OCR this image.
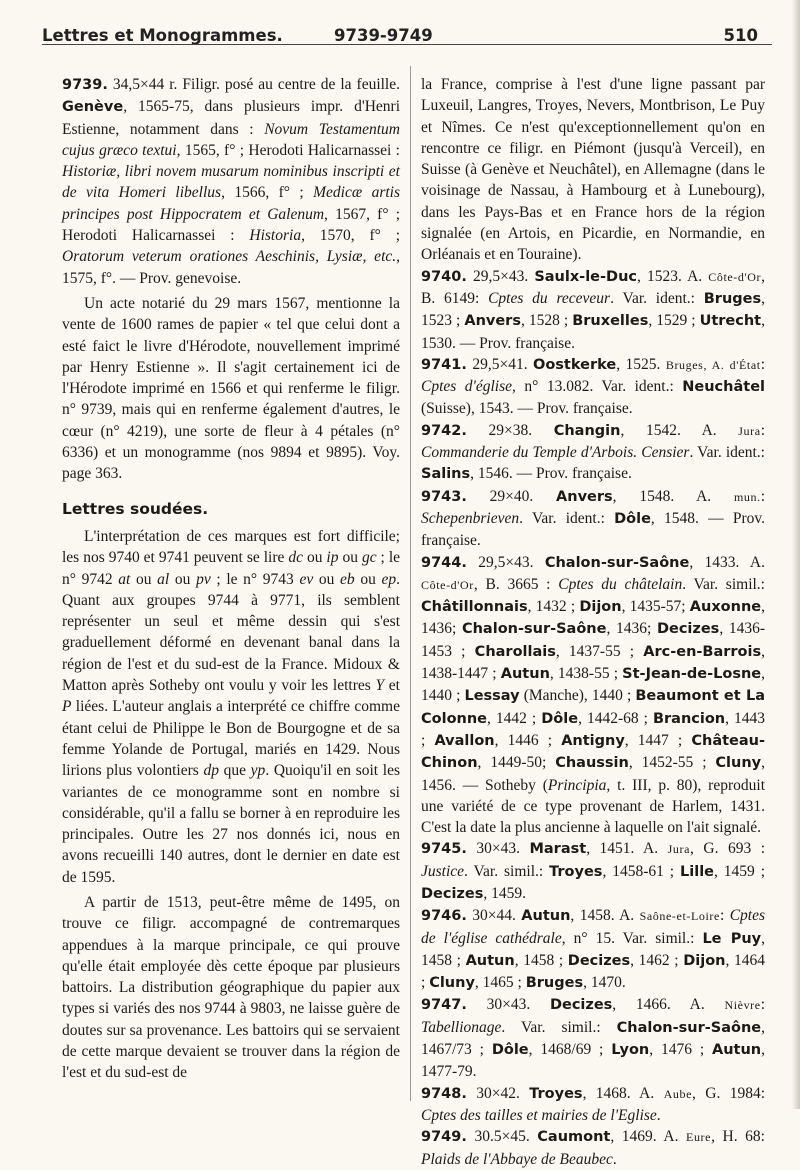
Lettres et Monogrammes.	9739-9749	510

9739. 34,5×44 r. Filigr. posé au centre de la feuille. Genève, 1565-75, dans plusieurs impr. d'Henri Estienne, notamment dans : Novum Testamentum cujus græco textui, 1565, f° ; Herodoti Halicarnassei : Historiæ, libri novem musarum nominibus inscripti et de vita Homeri libellus, 1566, f° ; Medicæ artis principes post Hippocratem et Galenum, 1567, f° ; Herodoti Halicarnassei : Historia, 1570, f° ; Oratorum veterum orationes Aeschinis, Lysiæ, etc., 1575, f°. — Prov. genevoise.

Un acte notarié du 29 mars 1567, mentionne la vente de 1600 rames de papier « tel que celui dont a esté faict le livre d'Hérodote, nouvellement imprimé par Henry Estienne ». Il s'agit certainement ici de l'Hérodote imprimé en 1566 et qui renferme le filigr. n° 9739, mais qui en renferme également d'autres, le cœur (n° 4219), une sorte de fleur à 4 pétales (n° 6336) et un monogramme (nos 9894 et 9895). Voy. page 363.

Lettres soudées.

L'interprétation de ces marques est fort difficile; les nos 9740 et 9741 peuvent se lire dc ou ip ou gc ; le n° 9742 at ou al ou pv ; le n° 9743 ev ou eb ou ep. Quant aux groupes 9744 à 9771, ils semblent représenter un seul et même dessin qui s'est graduellement déformé en devenant banal dans la région de l'est et du sud-est de la France. Midoux & Matton après Sotheby ont voulu y voir les lettres Y et P liées. L'auteur anglais a interprété ce chiffre comme étant celui de Philippe le Bon de Bourgogne et de sa femme Yolande de Portugal, mariés en 1429. Nous lirions plus volontiers dp que yp. Quoiqu'il en soit les variantes de ce monogramme sont en nombre si considérable, qu'il a fallu se borner à en reproduire les principales. Outre les 27 nos donnés ici, nous en avons recueilli 140 autres, dont le dernier en date est de 1595.

A partir de 1513, peut-être même de 1495, on trouve ce filigr. accompagné de contremarques appendues à la marque principale, ce qui prouve qu'elle était employée dès cette époque par plusieurs battoirs. La distribution géographique du papier aux types si variés des nos 9744 à 9803, ne laisse guère de doutes sur sa provenance. Les battoirs qui se servaient de cette marque devaient se trouver dans la région de l'est et du sud-est de

la France, comprise à l'est d'une ligne passant par Luxeuil, Langres, Troyes, Nevers, Montbrison, Le Puy et Nîmes. Ce n'est qu'exceptionnellement qu'on en rencontre ce filigr. en Piémont (jusqu'à Verceil), en Suisse (à Genève et Neuchâtel), en Allemagne (dans le voisinage de Nassau, à Hambourg et à Lunebourg), dans les Pays-Bas et en France hors de la région signalée (en Artois, en Picardie, en Normandie, en Orléanais et en Touraine).

9740. 29,5×43. Saulx-le-Duc, 1523. A. Côte-d'Or, B. 6149: Cptes du receveur. Var. ident.: Bruges, 1523 ; Anvers, 1528 ; Bruxelles, 1529 ; Utrecht, 1530. — Prov. française.

9741. 29,5×41. Oostkerke, 1525. Bruges, A. d'État: Cptes d'église, n° 13.082. Var. ident.: Neuchâtel (Suisse), 1543. — Prov. française.

9742. 29×38. Changin, 1542. A. Jura: Commanderie du Temple d'Arbois. Censier. Var. ident.: Salins, 1546. — Prov. française.

9743. 29×40. Anvers, 1548. A. mun.: Schepenbrieven. Var. ident.: Dôle, 1548. — Prov. française.

9744. 29,5×43. Chalon-sur-Saône, 1433. A. Côte-d'Or, B. 3665 : Cptes du châtelain. Var. simil.: Châtillonnais, 1432 ; Dijon, 1435-57; Auxonne, 1436; Chalon-sur-Saône, 1436; Decizes, 1436-1453 ; Charollais, 1437-55 ; Arc-en-Barrois, 1438-1447 ; Autun, 1438-55 ; St-Jean-de-Losne, 1440 ; Lessay (Manche), 1440 ; Beaumont et La Colonne, 1442 ; Dôle, 1442-68 ; Brancion, 1443 ; Avallon, 1446 ; Antigny, 1447 ; Château-Chinon, 1449-50; Chaussin, 1452-55 ; Cluny, 1456. — Sotheby (Principia, t. III, p. 80), reproduit une variété de ce type provenant de Harlem, 1431. C'est la date la plus ancienne à laquelle on l'ait signalé.

9745. 30×43. Marast, 1451. A. Jura, G. 693 : Justice. Var. simil.: Troyes, 1458-61 ; Lille, 1459 ; Decizes, 1459.

9746. 30×44. Autun, 1458. A. Saône-et-Loire: Cptes de l'église cathédrale, n° 15. Var. simil.: Le Puy, 1458 ; Autun, 1458 ; Decizes, 1462 ; Dijon, 1464 ; Cluny, 1465 ; Bruges, 1470.

9747. 30×43. Decizes, 1466. A. Nièvre: Tabellionage. Var. simil.: Chalon-sur-Saône, 1467/73 ; Dôle, 1468/69 ; Lyon, 1476 ; Autun, 1477-79.

9748. 30×42. Troyes, 1468. A. Aube, G. 1984: Cptes des tailles et mairies de l'Eglise.

9749. 30.5×45. Caumont, 1469. A. Eure, H. 68: Plaids de l'Abbaye de Beaubec.
